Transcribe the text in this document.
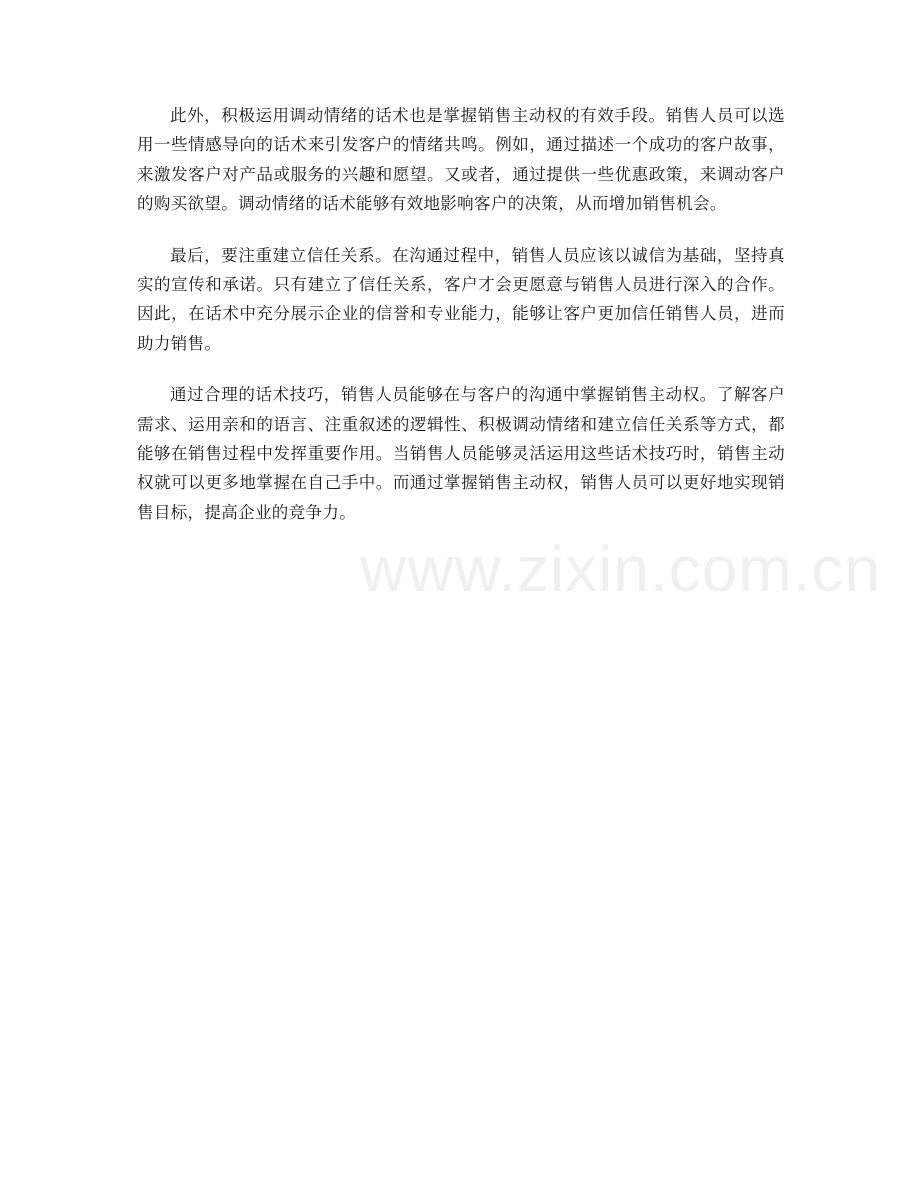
此外，积极运用调动情绪的话术也是掌握销售主动权的有效手段。销售人员可以选用一些情感导向的话术来引发客户的情绪共鸣。例如，通过描述一个成功的客户故事，来激发客户对产品或服务的兴趣和愿望。又或者，通过提供一些优惠政策，来调动客户的购买欲望。调动情绪的话术能够有效地影响客户的决策，从而增加销售机会。

最后，要注重建立信任关系。在沟通过程中，销售人员应该以诚信为基础，坚持真实的宣传和承诺。只有建立了信任关系，客户才会更愿意与销售人员进行深入的合作。因此，在话术中充分展示企业的信誉和专业能力，能够让客户更加信任销售人员，进而助力销售。

通过合理的话术技巧，销售人员能够在与客户的沟通中掌握销售主动权。了解客户需求、运用亲和的语言、注重叙述的逻辑性、积极调动情绪和建立信任关系等方式，都能够在销售过程中发挥重要作用。当销售人员能够灵活运用这些话术技巧时，销售主动权就可以更多地掌握在自己手中。而通过掌握销售主动权，销售人员可以更好地实现销售目标，提高企业的竞争力。

www.zixin.com.cn
